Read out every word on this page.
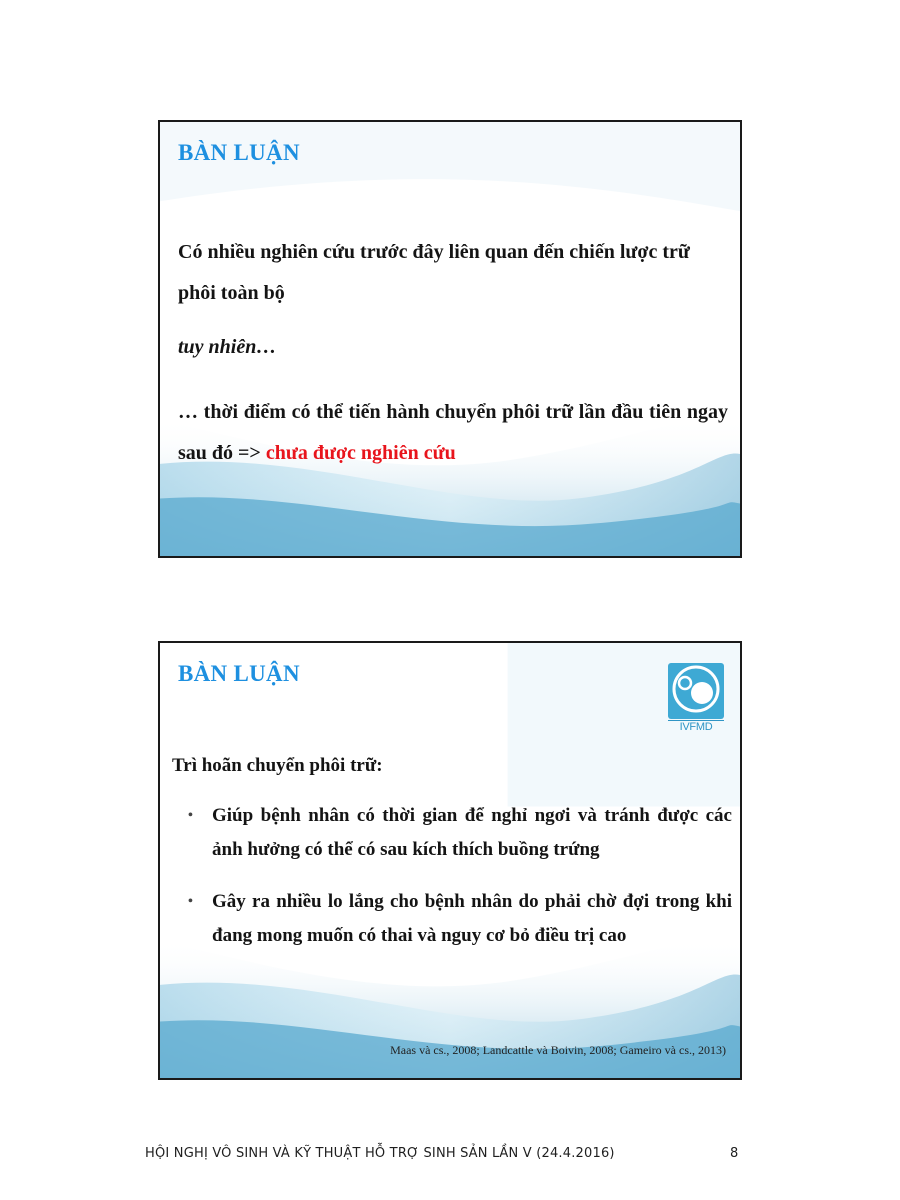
BÀN LUẬN

Có nhiều nghiên cứu trước đây liên quan đến chiến lược trữ phôi toàn bộ

tuy nhiên…

… thời điểm có thể tiến hành chuyển phôi trữ lần đầu tiên ngay sau đó => chưa được nghiên cứu

BÀN LUẬN
IVFMD

Trì hoãn chuyển phôi trữ:

• Giúp bệnh nhân có thời gian để nghỉ ngơi và tránh được các ảnh hưởng có thể có sau kích thích buồng trứng
• Gây ra nhiều lo lắng cho bệnh nhân do phải chờ đợi trong khi đang mong muốn có thai và nguy cơ bỏ điều trị cao

Maas và cs., 2008; Landcattle và Boivin, 2008; Gameiro và cs., 2013)

HỘI NGHỊ VÔ SINH VÀ KỸ THUẬT HỖ TRỢ SINH SẢN LẦN V (24.4.2016)	8
